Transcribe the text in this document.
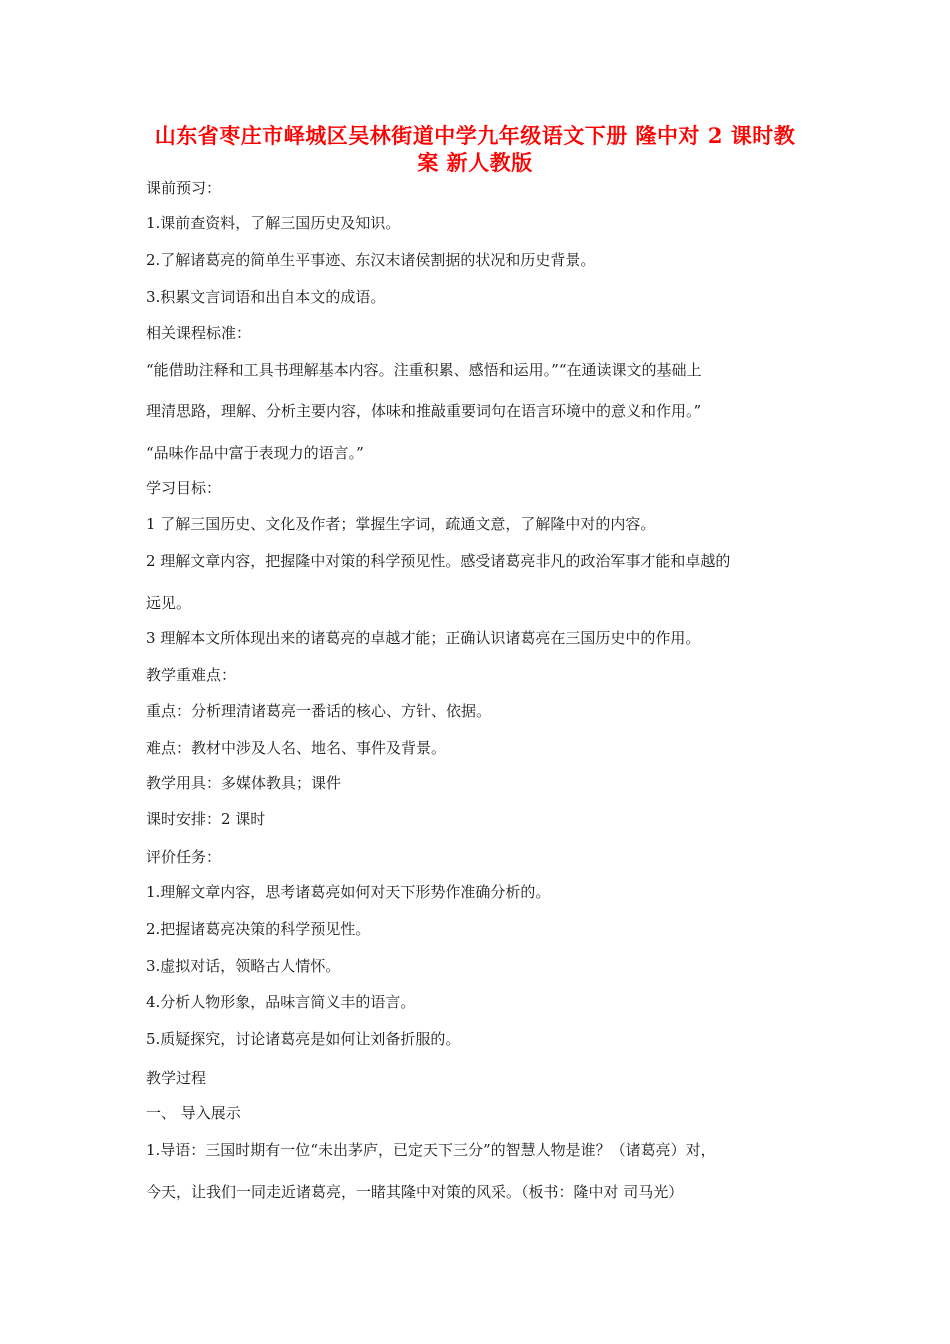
山东省枣庄市峄城区吴林街道中学九年级语文下册 隆中对 2 课时教
案 新人教版
课前预习：
1.课前查资料，了解三国历史及知识。
2.了解诸葛亮的简单生平事迹、东汉末诸侯割据的状况和历史背景。
3.积累文言词语和出自本文的成语。
相关课程标准：
“能借助注释和工具书理解基本内容。注重积累、感悟和运用。”“在通读课文的基础上
理清思路，理解、分析主要内容，体味和推敲重要词句在语言环境中的意义和作用。”
“品味作品中富于表现力的语言。”
学习目标：
1 了解三国历史、文化及作者；掌握生字词，疏通文意，了解隆中对的内容。
2 理解文章内容，把握隆中对策的科学预见性。感受诸葛亮非凡的政治军事才能和卓越的
远见。
3 理解本文所体现出来的诸葛亮的卓越才能；正确认识诸葛亮在三国历史中的作用。
教学重难点：
重点：分析理清诸葛亮一番话的核心、方针、依据。
难点：教材中涉及人名、地名、事件及背景。
教学用具：多媒体教具；课件
课时安排：2 课时
评价任务：
1.理解文章内容，思考诸葛亮如何对天下形势作准确分析的。
2.把握诸葛亮决策的科学预见性。
3.虚拟对话，领略古人情怀。
4.分析人物形象，品味言简义丰的语言。
5.质疑探究，讨论诸葛亮是如何让刘备折服的。
教学过程
一、 导入展示
1.导语：三国时期有一位“未出茅庐，已定天下三分”的智慧人物是谁？（诸葛亮）对，
今天，让我们一同走近诸葛亮，一睹其隆中对策的风采。（板书：隆中对 司马光）
